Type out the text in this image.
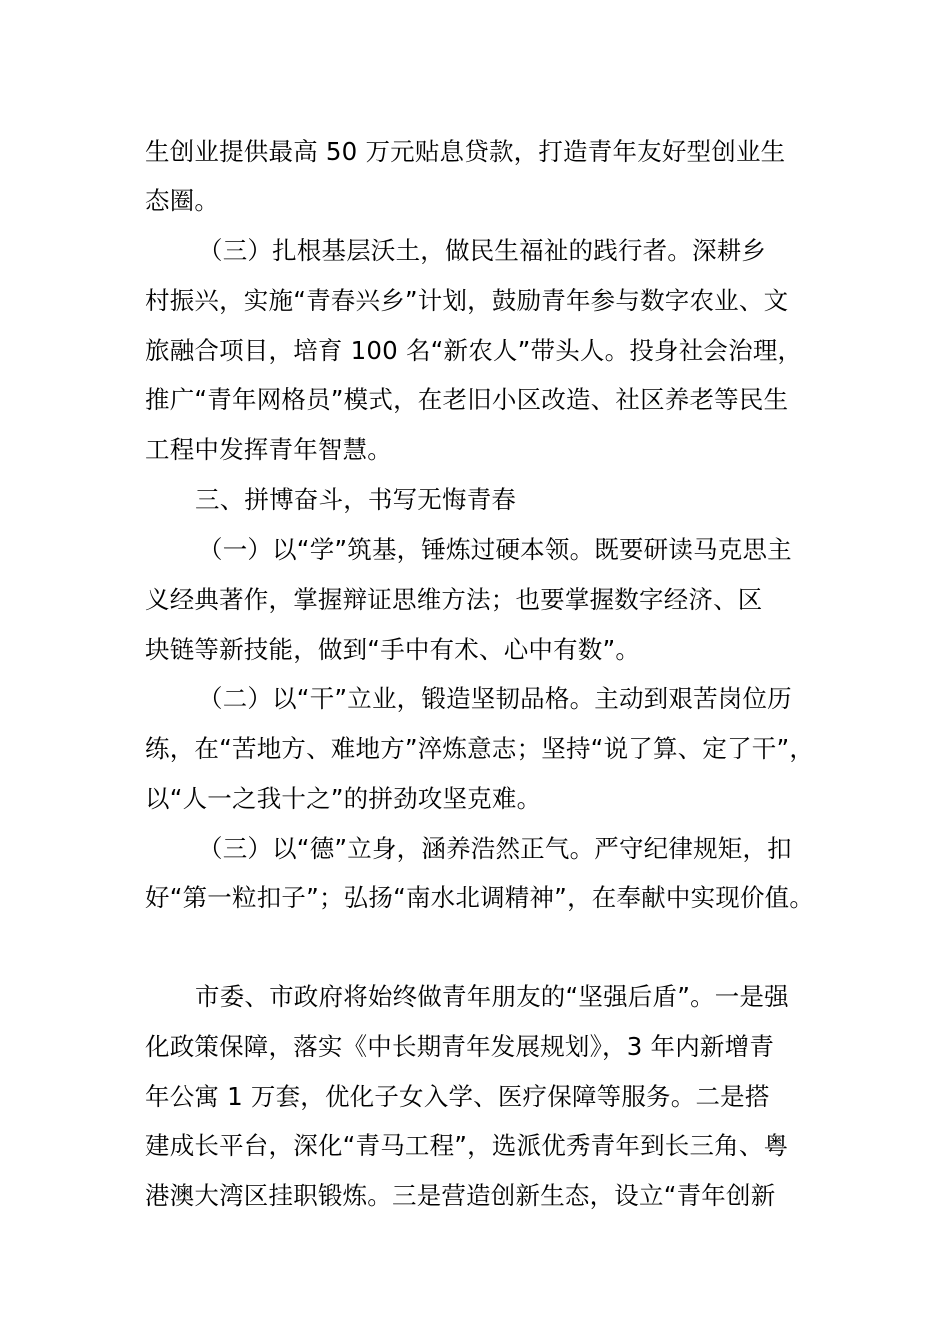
生创业提供最高 50 万元贴息贷款，打造青年友好型创业生
态圈。
（三）扎根基层沃土，做民生福祉的践行者。深耕乡
村振兴，实施“青春兴乡”计划，鼓励青年参与数字农业、文
旅融合项目，培育 100 名“新农人”带头人。投身社会治理，
推广“青年网格员”模式，在老旧小区改造、社区养老等民生
工程中发挥青年智慧。
三、拼博奋斗，书写无悔青春
（一）以“学”筑基，锤炼过硬本领。既要研读马克思主
义经典著作，掌握辩证思维方法；也要掌握数字经济、区
块链等新技能，做到“手中有术、心中有数”。
（二）以“干”立业，锻造坚韧品格。主动到艰苦岗位历
练，在“苦地方、难地方”淬炼意志；坚持“说了算、定了干”，
以“人一之我十之”的拼劲攻坚克难。
（三）以“德”立身，涵养浩然正气。严守纪律规矩，扣
好“第一粒扣子”；弘扬“南水北调精神”，在奉献中实现价值。
市委、市政府将始终做青年朋友的“坚强后盾”。一是强
化政策保障，落实《中长期青年发展规划》，3 年内新增青
年公寓 1 万套，优化子女入学、医疗保障等服务。二是搭
建成长平台，深化“青马工程”，选派优秀青年到长三角、粤
港澳大湾区挂职锻炼。三是营造创新生态，设立“青年创新
